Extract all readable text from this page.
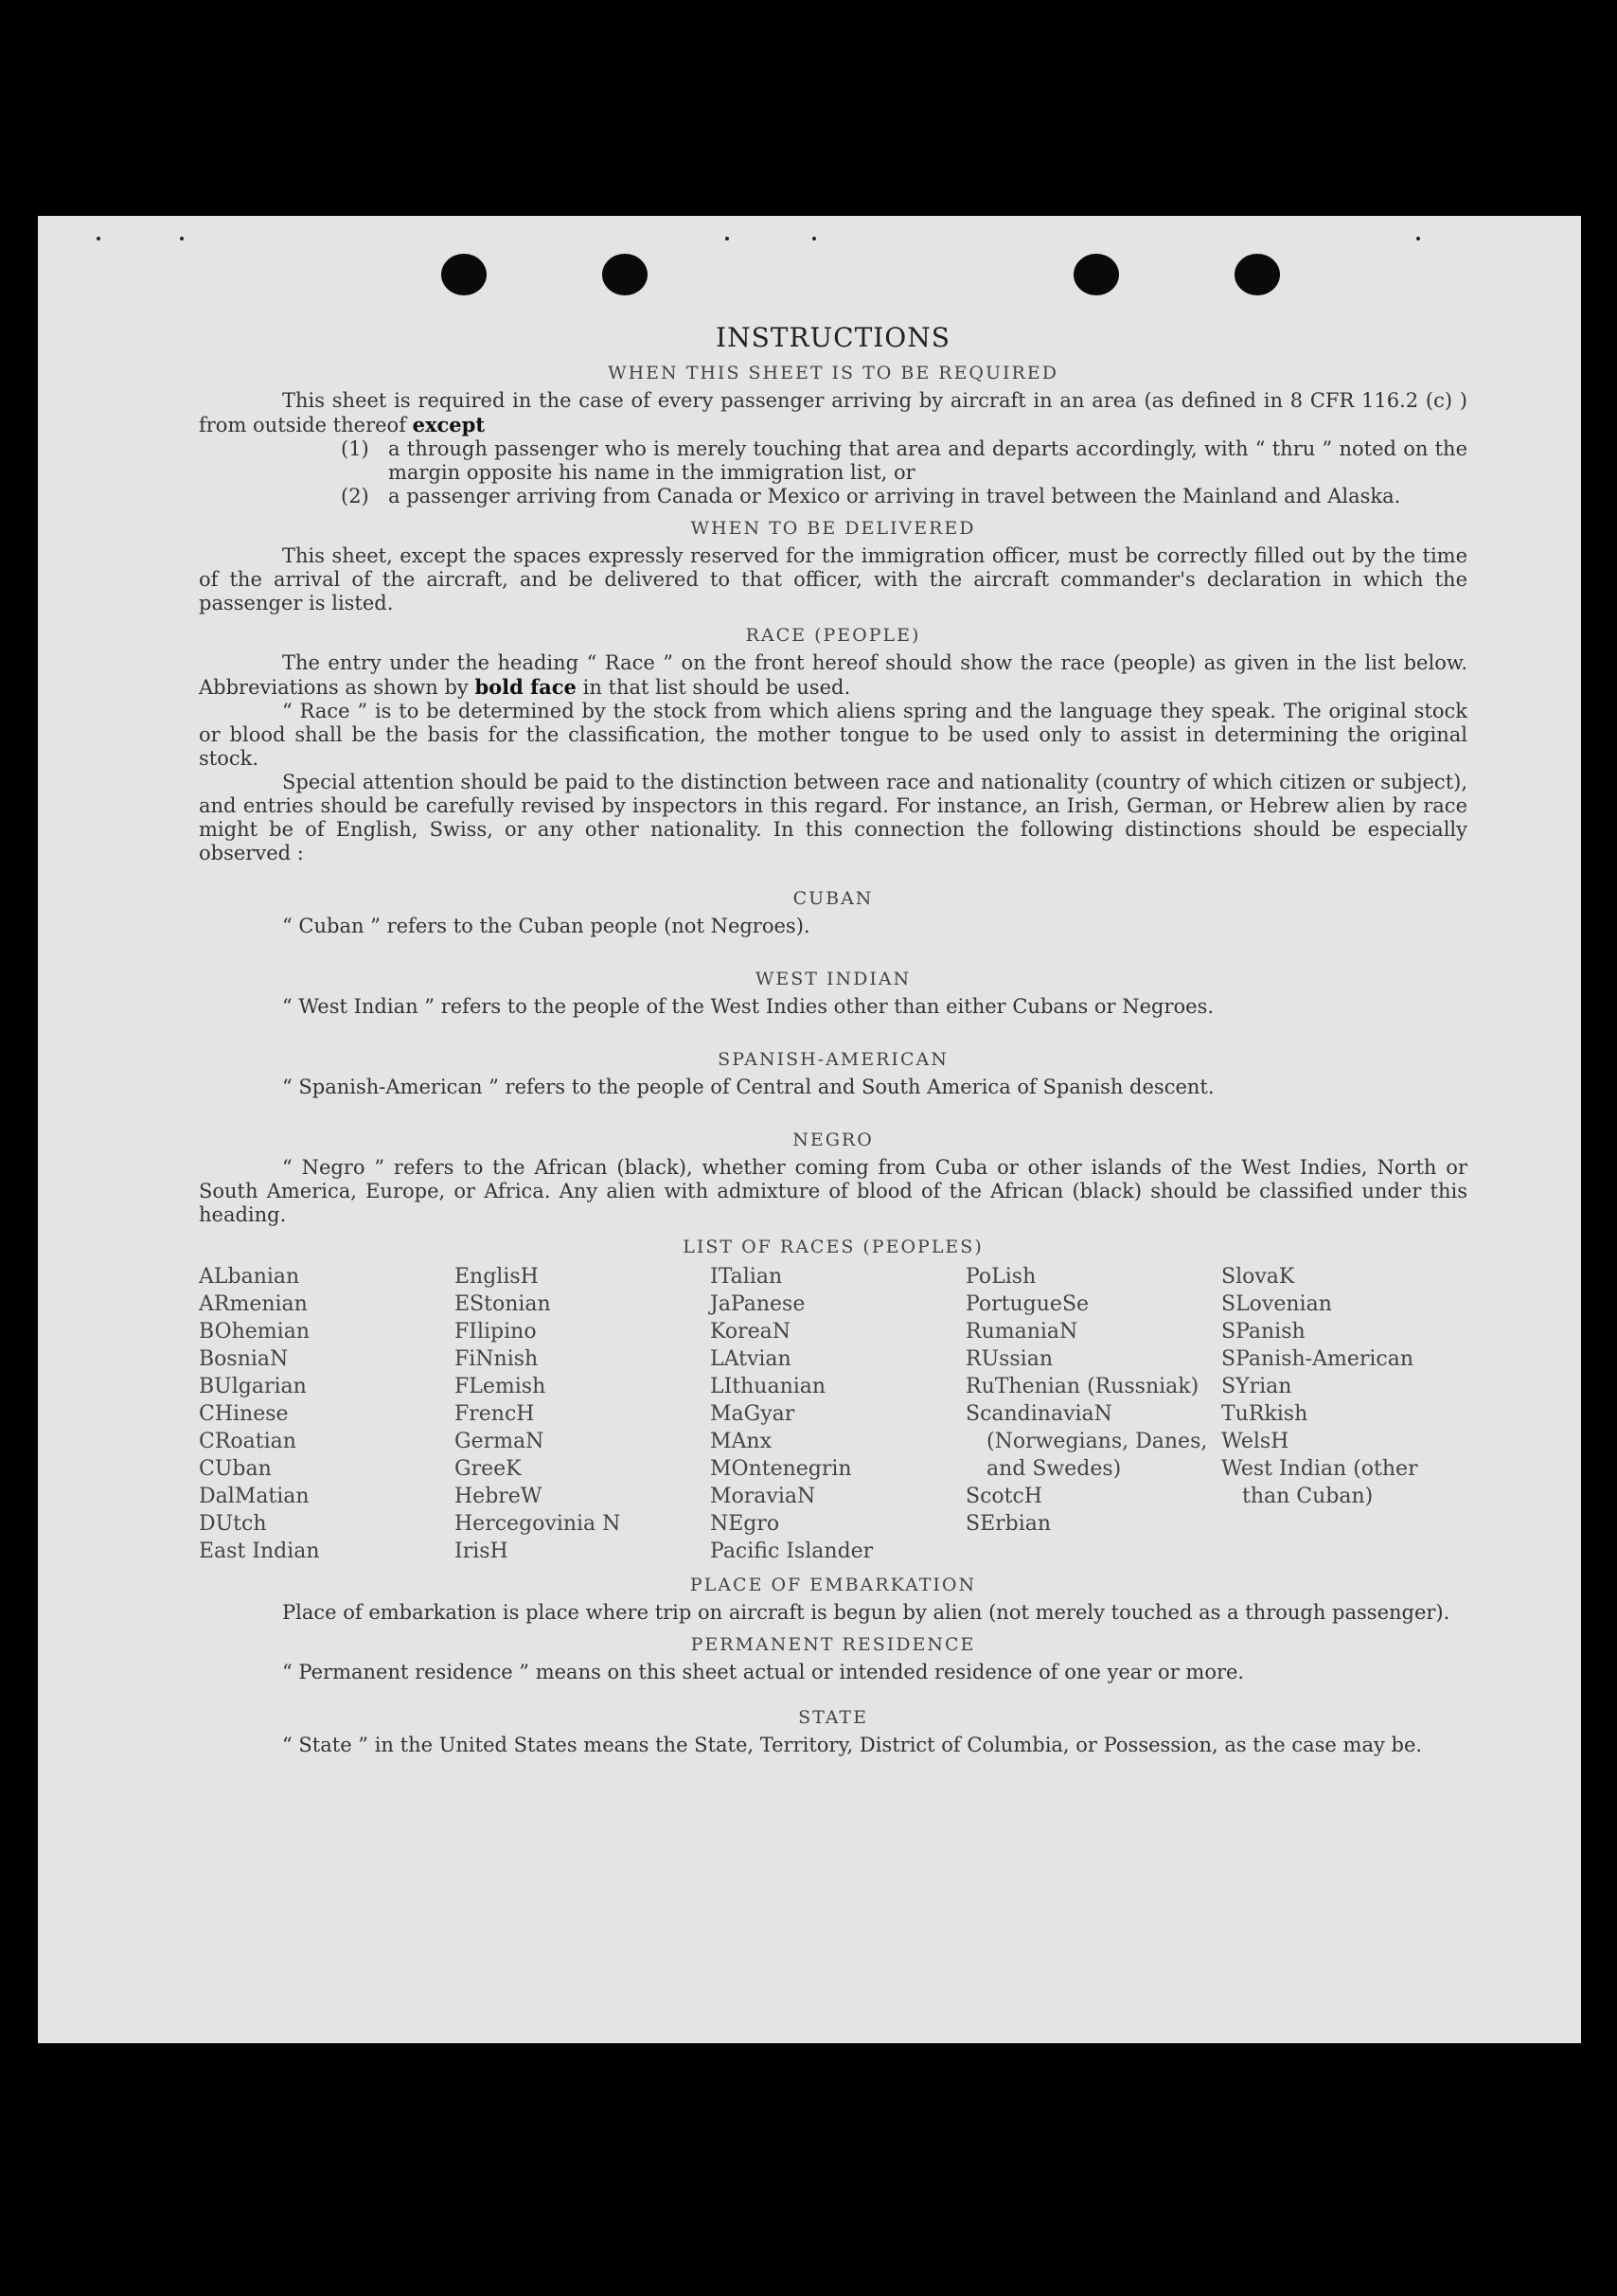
INSTRUCTIONS
WHEN THIS SHEET IS TO BE REQUIRED

This sheet is required in the case of every passenger arriving by aircraft in an area (as defined in 8 CFR 116.2 (c) ) from outside thereof except

(1) a through passenger who is merely touching that area and departs accordingly, with “ thru ” noted on the margin opposite his name in the immigration list, or
(2) a passenger arriving from Canada or Mexico or arriving in travel between the Mainland and Alaska.
WHEN TO BE DELIVERED

This sheet, except the spaces expressly reserved for the immigration officer, must be correctly filled out by the time of the arrival of the aircraft, and be delivered to that officer, with the aircraft commander's declaration in which the passenger is listed.

RACE (PEOPLE)

The entry under the heading “ Race ” on the front hereof should show the race (people) as given in the list below. Abbreviations as shown by bold face in that list should be used.

“ Race ” is to be determined by the stock from which aliens spring and the language they speak. The original stock or blood shall be the basis for the classification, the mother tongue to be used only to assist in determining the original stock.

Special attention should be paid to the distinction between race and nationality (country of which citizen or subject), and entries should be carefully revised by inspectors in this regard. For instance, an Irish, German, or Hebrew alien by race might be of English, Swiss, or any other nationality. In this connection the following distinctions should be especially observed :

CUBAN

“ Cuban ” refers to the Cuban people (not Negroes).

WEST INDIAN

“ West Indian ” refers to the people of the West Indies other than either Cubans or Negroes.

SPANISH-AMERICAN

“ Spanish-American ” refers to the people of Central and South America of Spanish descent.

NEGRO

“ Negro ” refers to the African (black), whether coming from Cuba or other islands of the West Indies, North or South America, Europe, or Africa. Any alien with admixture of blood of the African (black) should be classified under this heading.

LIST OF RACES (PEOPLES)
ALbanian
ARmenian
BOhemian
BosniaN
BUlgarian
CHinese
CRoatian
CUban
DalMatian
DUtch
East Indian
EnglisH
EStonian
FIlipino
FiNnish
FLemish
FrencH
GermaN
GreeK
HebreW
Hercegovinia N
IrisH
ITalian
JaPanese
KoreaN
LAtvian
LIthuanian
MaGyar
MAnx
MOntenegrin
MoraviaN
NEgro
Pacific Islander
PoLish
PortugueSe
RumaniaN
RUssian
RuThenian (Russniak)
ScandinaviaN (Norwegians, Danes, and Swedes)
ScotcH
SErbian
SlovaK
SLovenian
SPanish
SPanish-American
SYrian
TuRkish
WelsH
West Indian (other than Cuban)
PLACE OF EMBARKATION

Place of embarkation is place where trip on aircraft is begun by alien (not merely touched as a through passenger).

PERMANENT RESIDENCE

“ Permanent residence ” means on this sheet actual or intended residence of one year or more.

STATE

“ State ” in the United States means the State, Territory, District of Columbia, or Possession, as the case may be.
